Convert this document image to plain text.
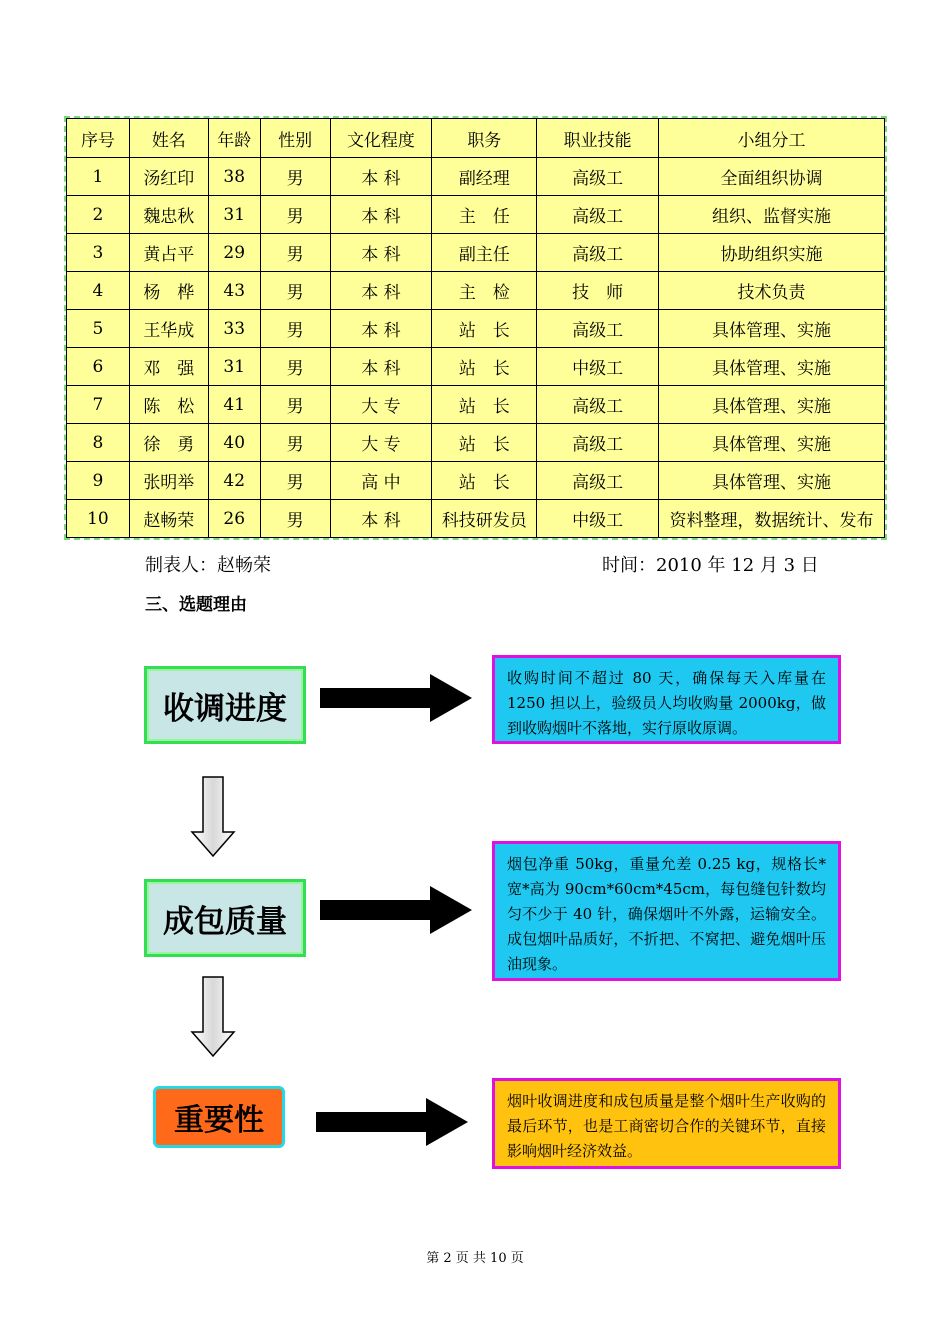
序号	姓名	年龄	性别	文化程度	职务	职业技能	小组分工
1	汤红印	38	男	本 科	副经理	高级工	全面组织协调
2	魏忠秋	31	男	本 科	主　任	高级工	组织、监督实施
3	黄占平	29	男	本 科	副主任	高级工	协助组织实施
4	杨　桦	43	男	本 科	主　检	技　师	技术负责
5	王华成	33	男	本 科	站　长	高级工	具体管理、实施
6	邓　强	31	男	本 科	站　长	中级工	具体管理、实施
7	陈　松	41	男	大 专	站　长	高级工	具体管理、实施
8	徐　勇	40	男	大 专	站　长	高级工	具体管理、实施
9	张明举	42	男	高 中	站　长	高级工	具体管理、实施
10	赵畅荣	26	男	本 科	科技研发员	中级工	资料整理，数据统计、发布
制表人：赵畅荣	时间：2010 年 12 月 3 日
三、选题理由
收调进度
收购时间不超过 80 天，确保每天入库量在1250 担以上，验级员人均收购量 2000kg，做到收购烟叶不落地，实行原收原调。
成包质量
烟包净重 50kg，重量允差 0.25 kg，规格长*宽*高为 90cm*60cm*45cm，每包缝包针数均匀不少于 40 针，确保烟叶不外露，运输安全。成包烟叶品质好，不折把、不窝把、避免烟叶压油现象。
重要性
烟叶收调进度和成包质量是整个烟叶生产收购的最后环节，也是工商密切合作的关键环节，直接影响烟叶经济效益。
第 2 页 共 10 页
